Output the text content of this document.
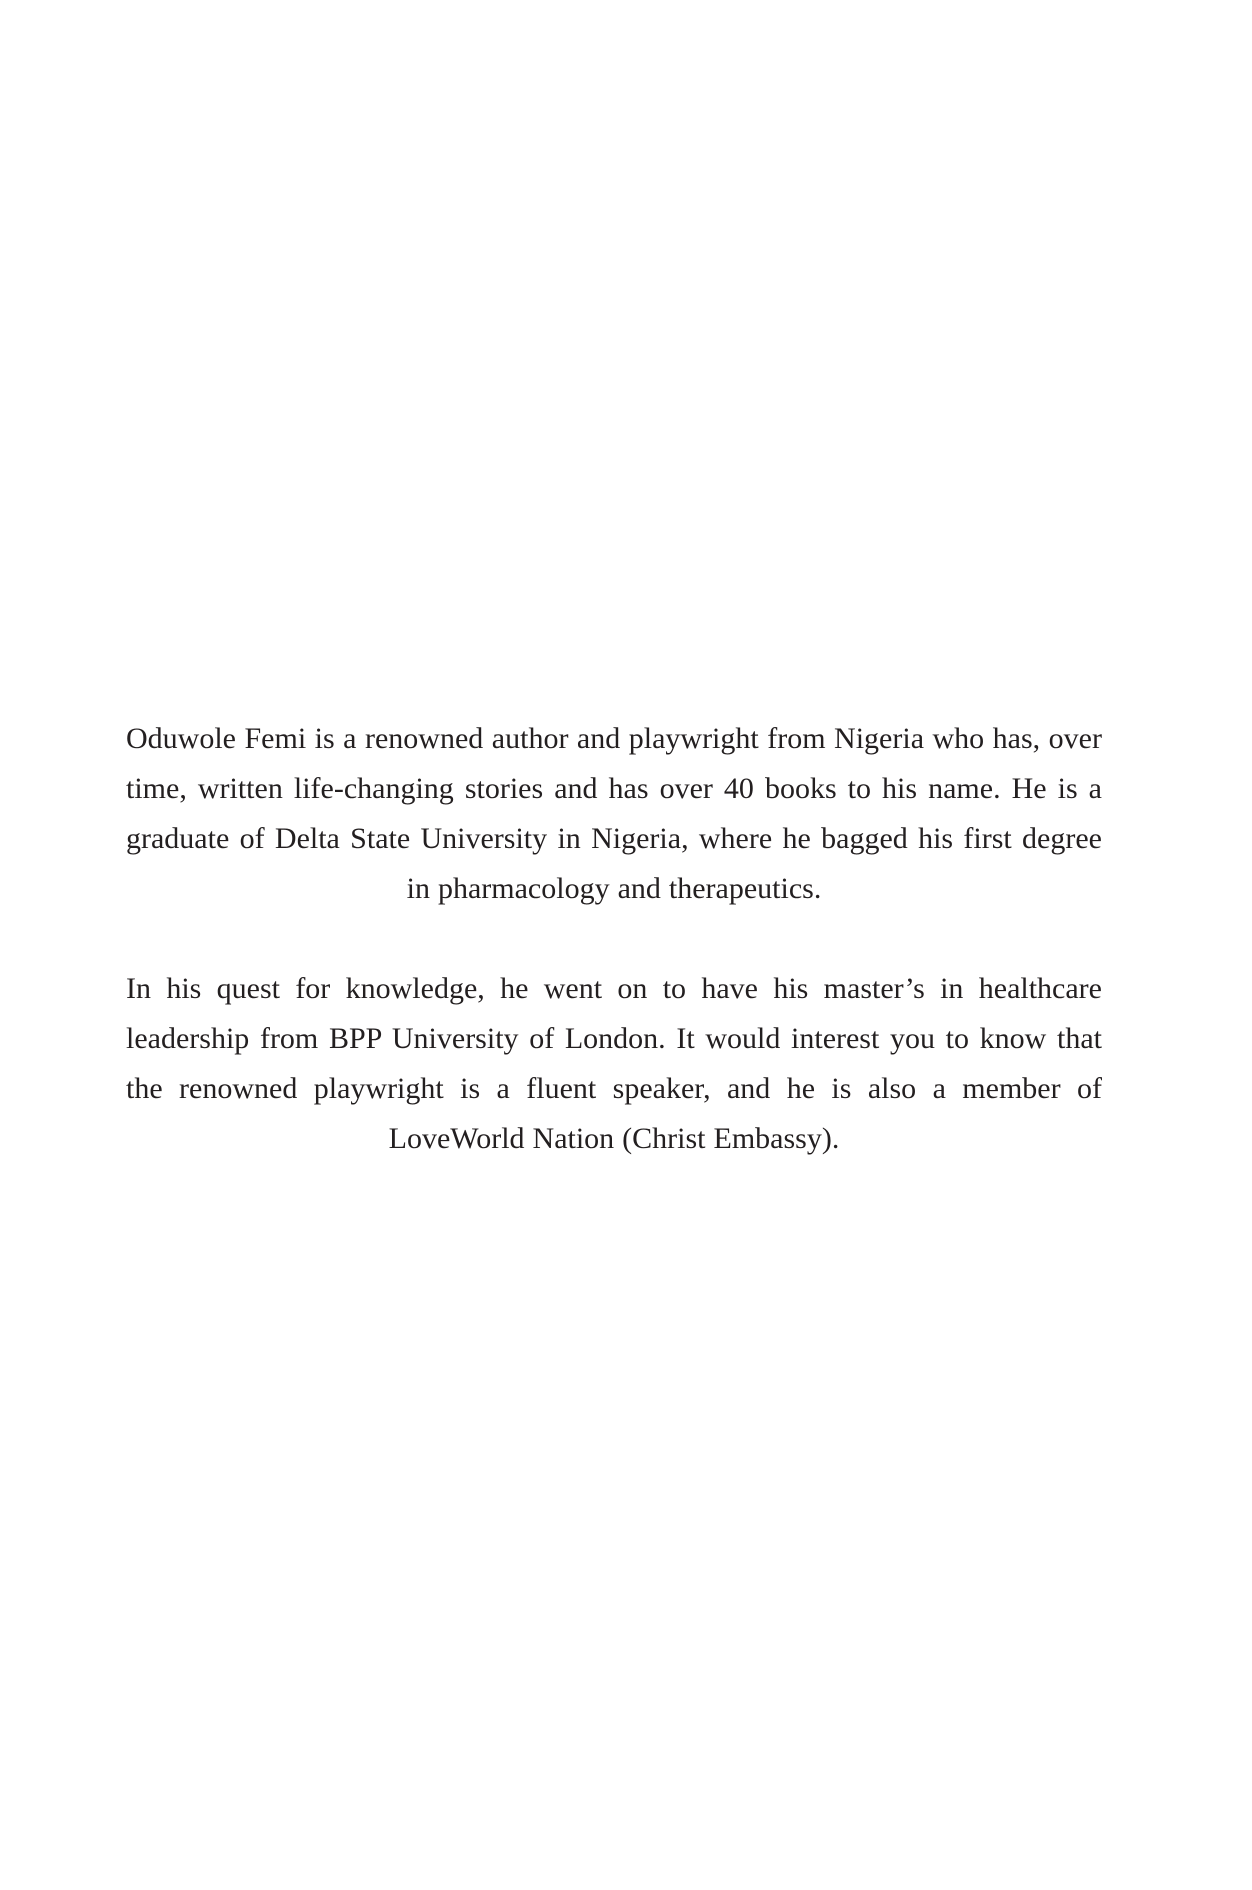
Oduwole Femi is a renowned author and playwright from Nigeria who has, over time, written life-changing stories and has over 40 books to his name. He is a graduate of Delta State University in Nigeria, where he bagged his first degree in pharmacology and therapeutics.

In his quest for knowledge, he went on to have his master’s in healthcare leadership from BPP University of London. It would interest you to know that the renowned playwright is a fluent speaker, and he is also a member of LoveWorld Nation (Christ Embassy).
